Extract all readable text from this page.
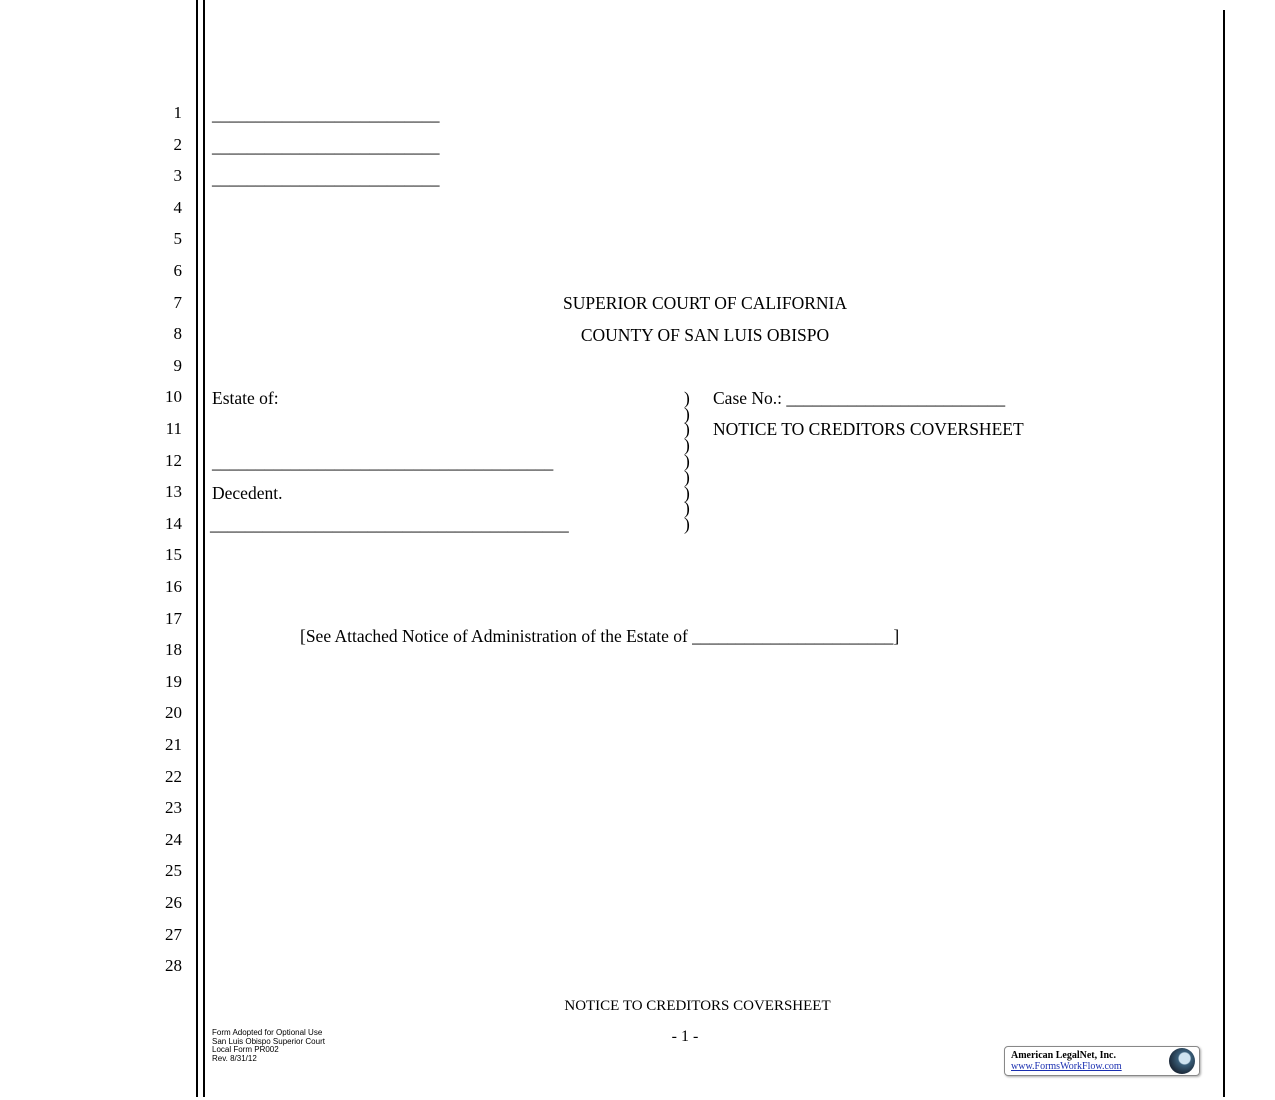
1
2
3
4
5
6
7
8
9
10
11
12
13
14
15
16
17
18
19
20
21
22
23
24
25
26
27
28
__________________________
__________________________
__________________________
SUPERIOR COURT OF CALIFORNIA
COUNTY OF SAN LUIS OBISPO
Estate of:
_______________________________________
Decedent.
_________________________________________
)
)
)
)
)
)
)
)
)
Case No.: _________________________
NOTICE TO CREDITORS COVERSHEET
[See Attached Notice of Administration of the Estate of _______________________]
NOTICE TO CREDITORS COVERSHEET
- 1 -
Form Adopted for Optional Use
San Luis Obispo Superior Court
Local Form PR002
Rev. 8/31/12	American LegalNet, Inc.
www.FormsWorkFlow.com
